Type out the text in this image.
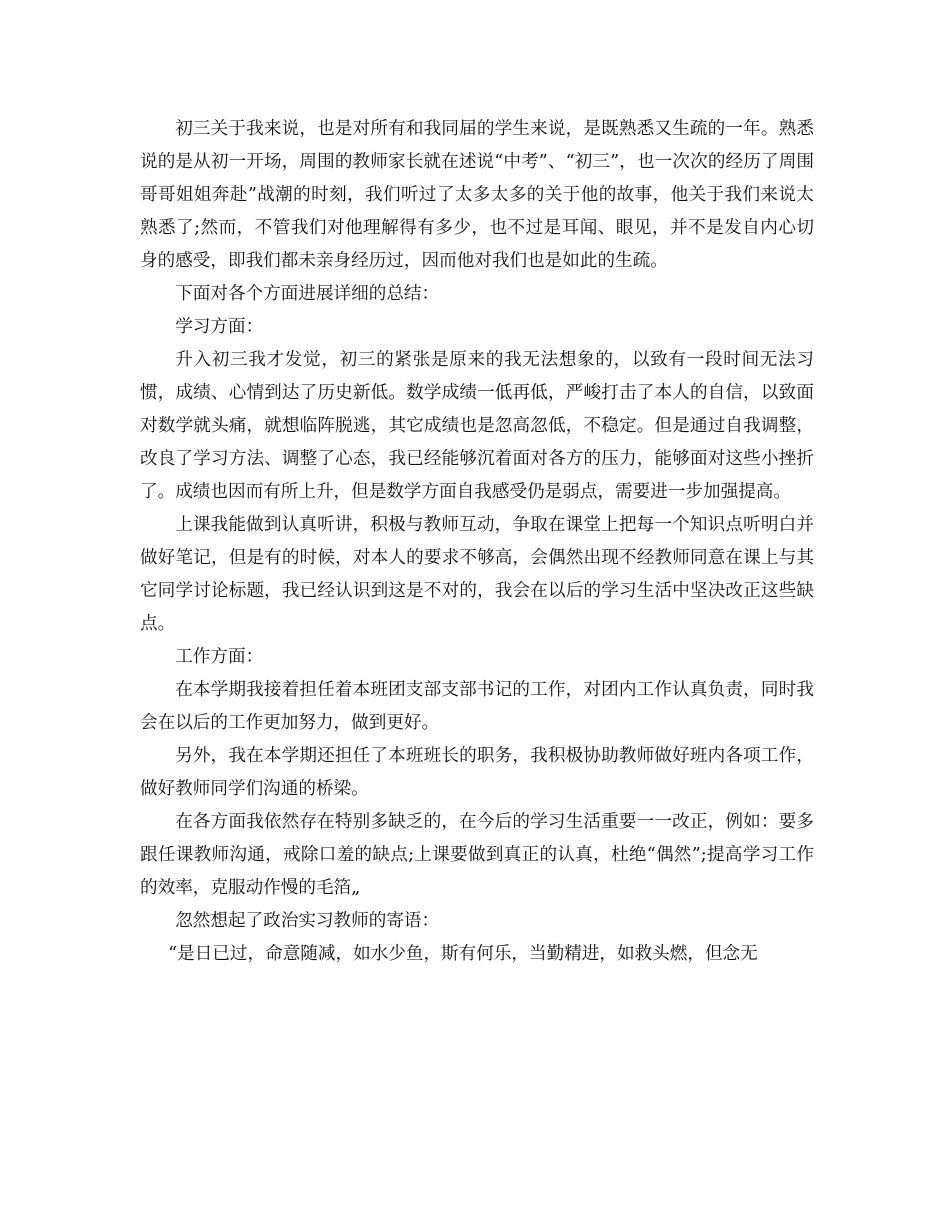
初三关于我来说，也是对所有和我同届的学生来说，是既熟悉又生疏的一年。熟悉说的是从初一开场，周围的教师家长就在述说“中考”、“初三”，也一次次的经历了周围哥哥姐姐奔赴”战潮的时刻，我们听过了太多太多的关于他的故事，他关于我们来说太熟悉了;然而，不管我们对他理解得有多少，也不过是耳闻、眼见，并不是发自内心切身的感受，即我们都未亲身经历过，因而他对我们也是如此的生疏。

下面对各个方面进展详细的总结：

学习方面：

升入初三我才发觉，初三的紧张是原来的我无法想象的，以致有一段时间无法习惯，成绩、心情到达了历史新低。数学成绩一低再低，严峻打击了本人的自信，以致面对数学就头痛，就想临阵脱逃，其它成绩也是忽高忽低，不稳定。但是通过自我调整，改良了学习方法、调整了心态，我已经能够沉着面对各方的压力，能够面对这些小挫折了。成绩也因而有所上升，但是数学方面自我感受仍是弱点，需要进一步加强提高。

上课我能做到认真听讲，积极与教师互动，争取在课堂上把每一个知识点听明白并做好笔记，但是有的时候，对本人的要求不够高，会偶然出现不经教师同意在课上与其它同学讨论标题，我已经认识到这是不对的，我会在以后的学习生活中坚决改正这些缺点。

工作方面：

在本学期我接着担任着本班团支部支部书记的工作，对团内工作认真负责，同时我会在以后的工作更加努力，做到更好。

另外，我在本学期还担任了本班班长的职务，我积极协助教师做好班内各项工作，做好教师同学们沟通的桥梁。

在各方面我依然存在特别多缺乏的，在今后的学习生活重要一一改正，例如：要多跟任课教师沟通，戒除口羞的缺点;上课要做到真正的认真，杜绝“偶然”;提高学习工作的效率，克服动作慢的毛箔„

忽然想起了政治实习教师的寄语：

“是日已过，命意随减，如水少鱼，斯有何乐，当勤精进，如救头燃，但念无
